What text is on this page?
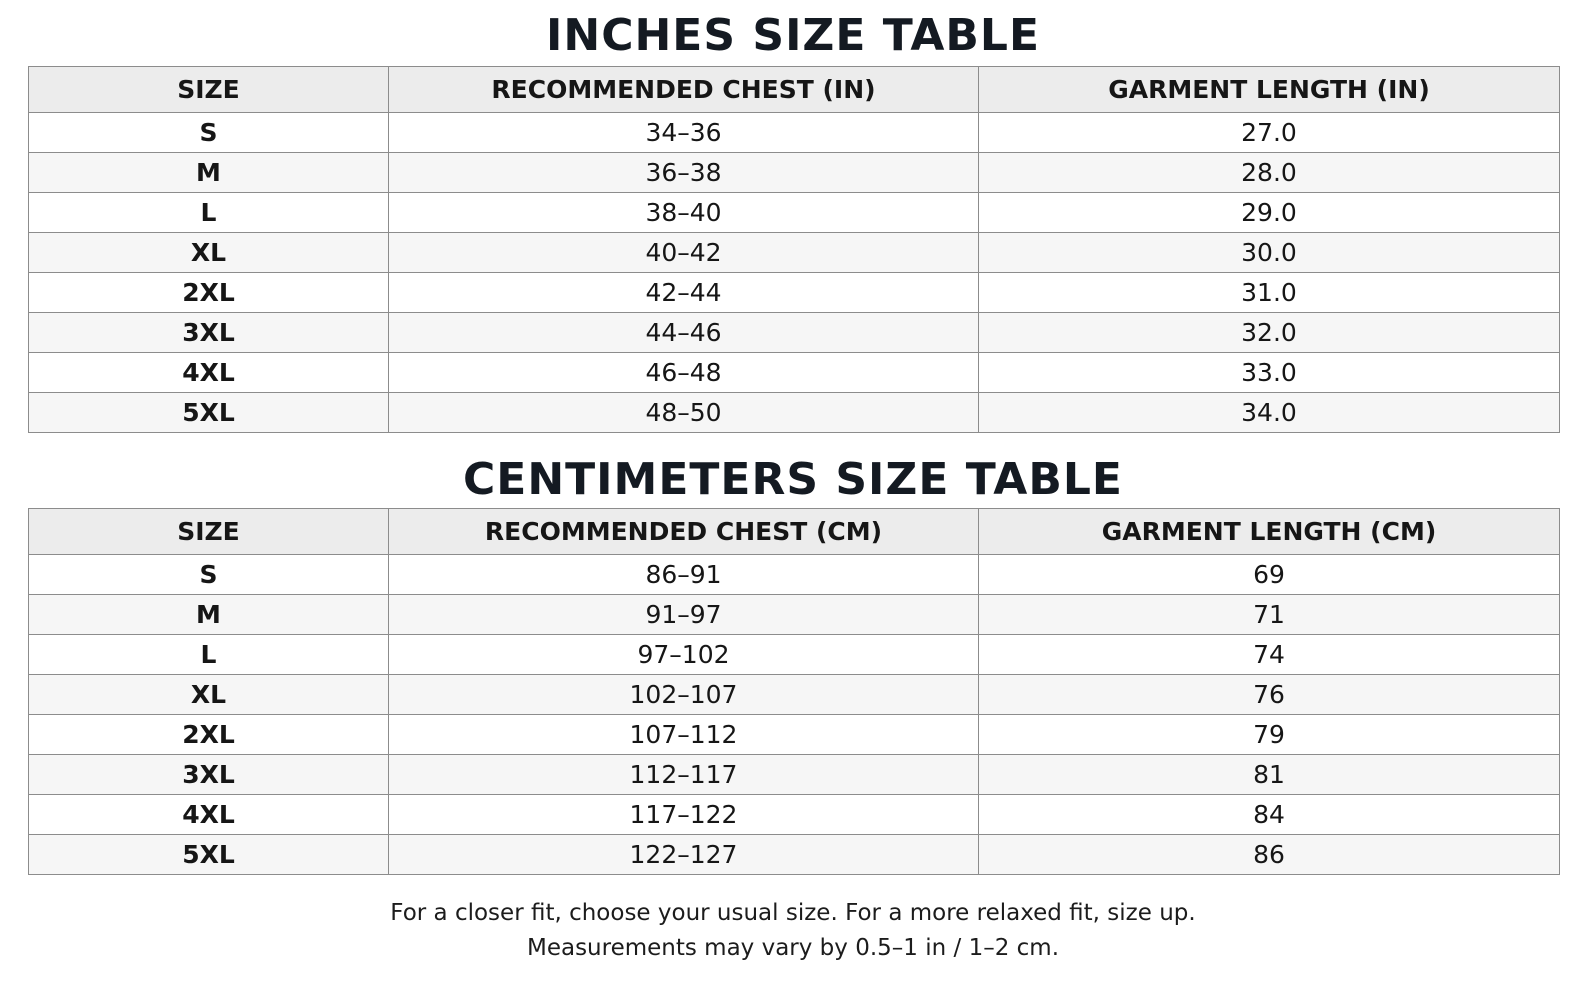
INCHES SIZE TABLE
SIZE	RECOMMENDED CHEST (IN)	GARMENT LENGTH (IN)
S	34–36	27.0
M	36–38	28.0
L	38–40	29.0
XL	40–42	30.0
2XL	42–44	31.0
3XL	44–46	32.0
4XL	46–48	33.0
5XL	48–50	34.0
CENTIMETERS SIZE TABLE
SIZE	RECOMMENDED CHEST (CM)	GARMENT LENGTH (CM)
S	86–91	69
M	91–97	71
L	97–102	74
XL	102–107	76
2XL	107–112	79
3XL	112–117	81
4XL	117–122	84
5XL	122–127	86
For a closer fit, choose your usual size. For a more relaxed fit, size up.
Measurements may vary by 0.5–1 in / 1–2 cm.
